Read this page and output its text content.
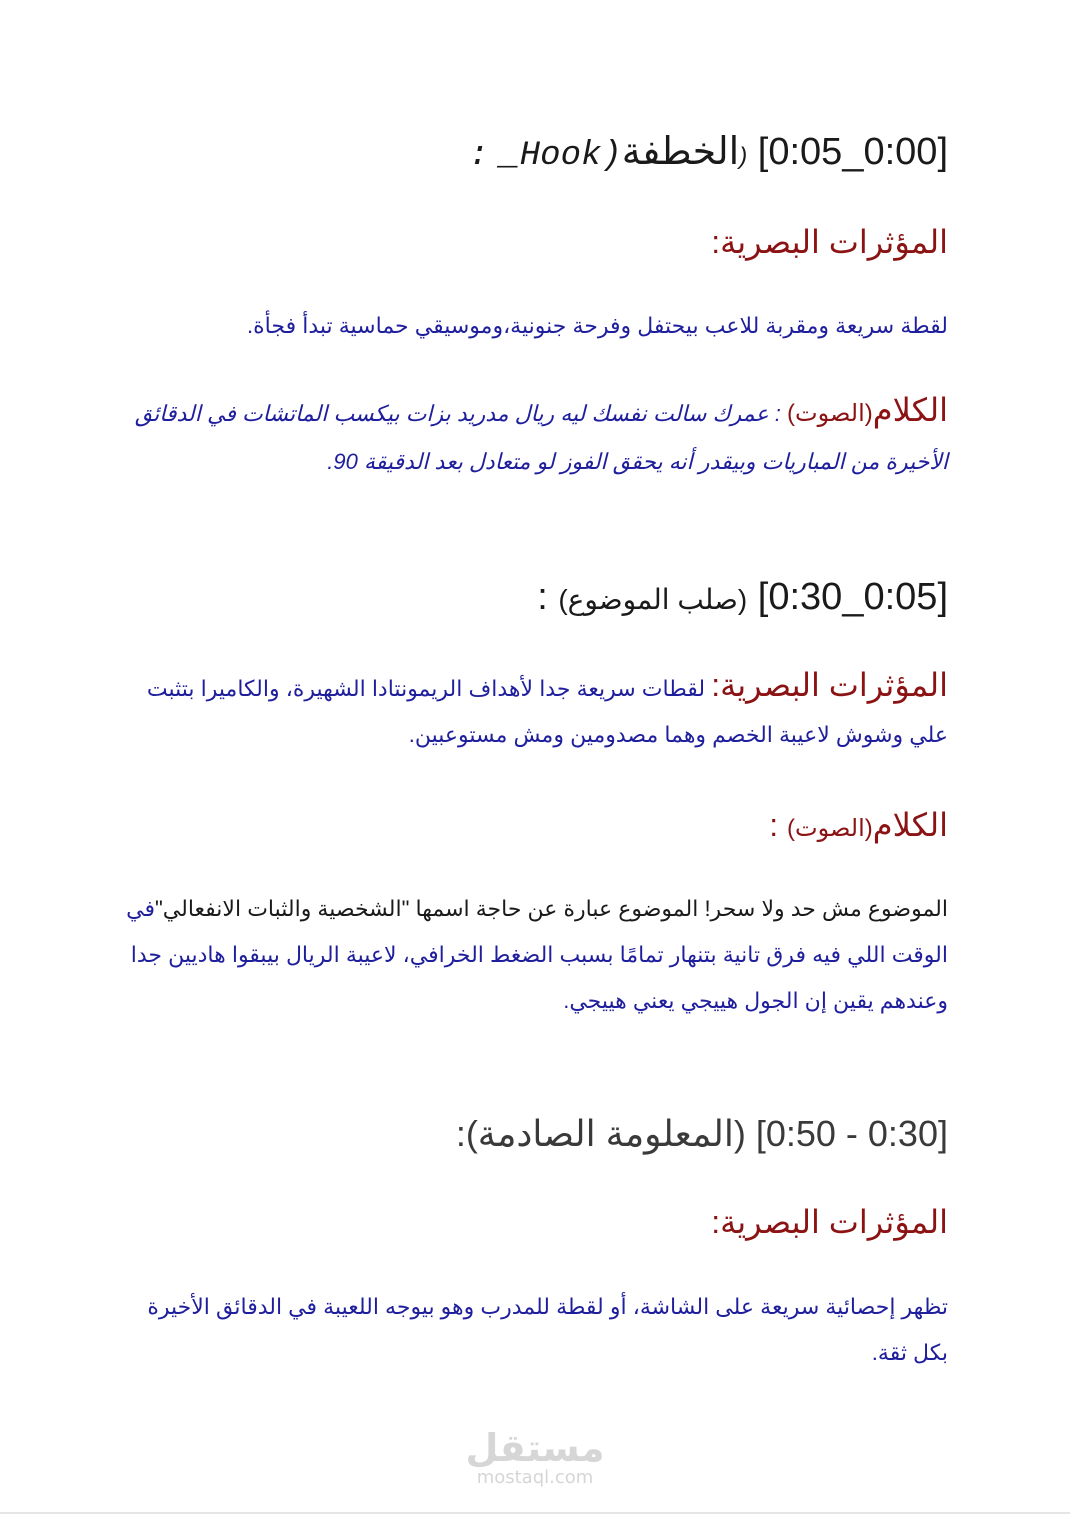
[0:00_0:05] (الخطفة_Hook) :
المؤثرات البصرية:
لقطة سريعة ومقربة للاعب بيحتفل وفرحة جنونية،وموسيقي حماسية تبدأ فجأة.
الكلام(الصوت) : عمرك سالت نفسك ليه ريال مدريد بزات بيكسب الماتشات في الدقائق الأخيرة من المباريات وبيقدر أنه يحقق الفوز لو متعادل بعد الدقيقة 90.
[0:05_0:30] (صلب الموضوع) :
المؤثرات البصرية: لقطات سريعة جدا لأهداف الريمونتادا الشهيرة، والكاميرا بتثبت علي وشوش لاعيبة الخصم وهما مصدومين ومش مستوعبين.
الكلام(الصوت) :
الموضوع مش حد ولا سحر! الموضوع عبارة عن حاجة اسمها "الشخصية والثبات الانفعالي"في الوقت اللي فيه فرق تانية بتنهار تمامًا بسبب الضغط الخرافي، لاعيبة الريال بيبقوا هاديين جدا وعندهم يقين إن الجول هييجي يعني هييجي.
[0:30 - 0:50] (المعلومة الصادمة):
المؤثرات البصرية:
تظهر إحصائية سريعة على الشاشة، أو لقطة للمدرب وهو بيوجه اللعيبة في الدقائق الأخيرة بكل ثقة.
مستقل
mostaql.com
